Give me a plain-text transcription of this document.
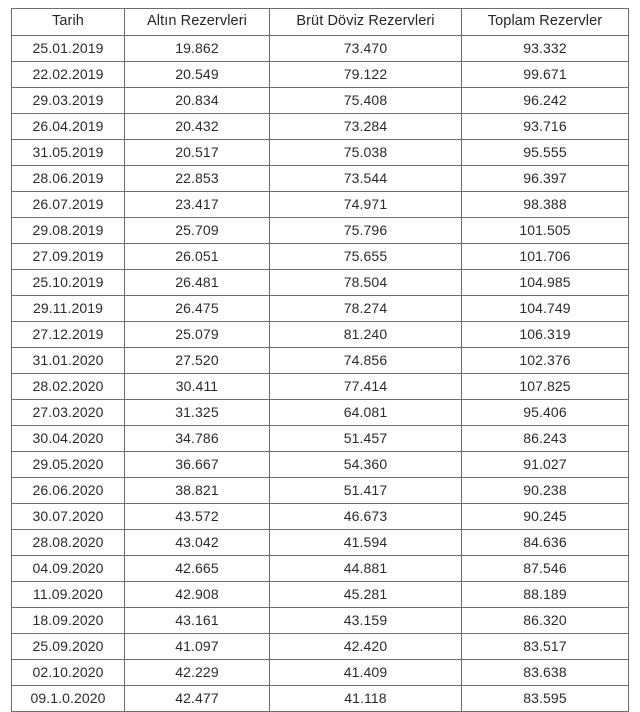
Tarih	Altın Rezervleri	Brüt Döviz Rezervleri	Toplam Rezervler
25.01.2019	19.862	73.470	93.332
22.02.2019	20.549	79.122	99.671
29.03.2019	20.834	75.408	96.242
26.04.2019	20.432	73.284	93.716
31.05.2019	20.517	75.038	95.555
28.06.2019	22.853	73.544	96.397
26.07.2019	23.417	74.971	98.388
29.08.2019	25.709	75.796	101.505
27.09.2019	26.051	75.655	101.706
25.10.2019	26.481	78.504	104.985
29.11.2019	26.475	78.274	104.749
27.12.2019	25.079	81.240	106.319
31.01.2020	27.520	74.856	102.376
28.02.2020	30.411	77.414	107.825
27.03.2020	31.325	64.081	95.406
30.04.2020	34.786	51.457	86.243
29.05.2020	36.667	54.360	91.027
26.06.2020	38.821	51.417	90.238
30.07.2020	43.572	46.673	90.245
28.08.2020	43.042	41.594	84.636
04.09.2020	42.665	44.881	87.546
11.09.2020	42.908	45.281	88.189
18.09.2020	43.161	43.159	86.320
25.09.2020	41.097	42.420	83.517
02.10.2020	42.229	41.409	83.638
09.1.0.2020	42.477	41.118	83.595
